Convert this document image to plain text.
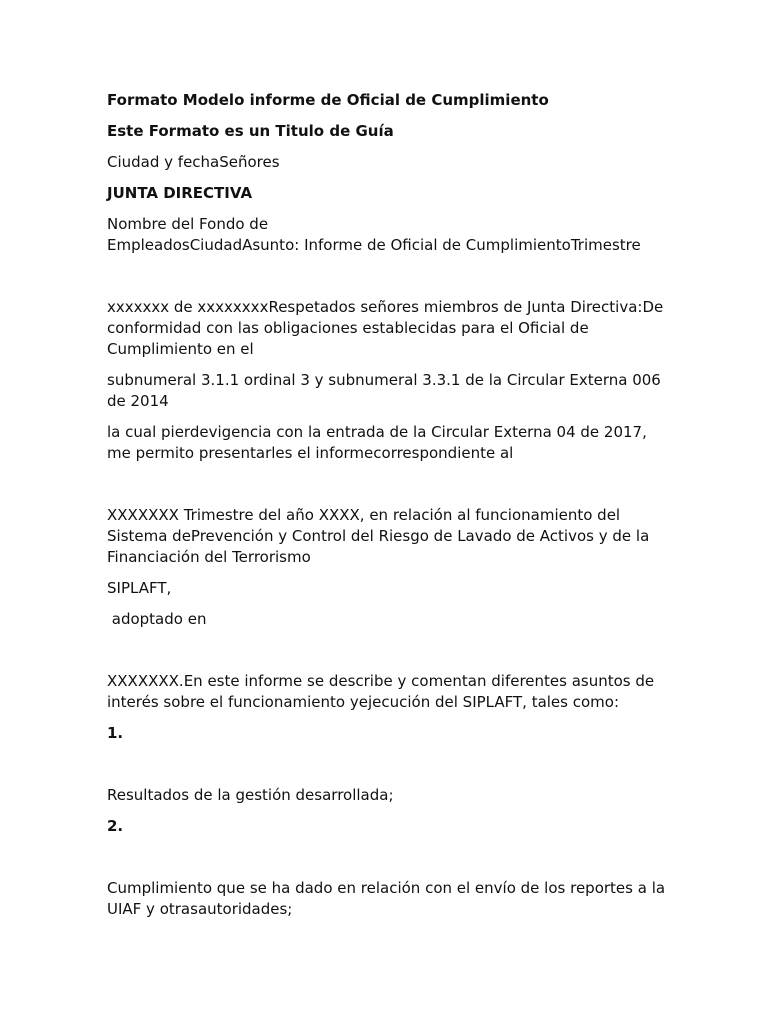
Formato Modelo informe de Oficial de Cumplimiento

Este Formato es un Titulo de Guía

Ciudad y fechaSeñores

JUNTA DIRECTIVA

Nombre del Fondo de
EmpleadosCiudadAsunto: Informe de Oficial de CumplimientoTrimestre

xxxxxxx de xxxxxxxxRespetados señores miembros de Junta Directiva:De conformidad con las obligaciones establecidas para el Oficial de Cumplimiento en el

subnumeral 3.1.1 ordinal 3 y subnumeral 3.3.1 de la Circular Externa 006 de 2014

la cual pierdevigencia con la entrada de la Circular Externa 04 de 2017, me permito presentarles el informecorrespondiente al

XXXXXXX Trimestre del año XXXX, en relación al funcionamiento del Sistema dePrevención y Control del Riesgo de Lavado de Activos y de la Financiación del Terrorismo

SIPLAFT,

adoptado en

XXXXXXX.En este informe se describe y comentan diferentes asuntos de interés sobre el funcionamiento yejecución del SIPLAFT, tales como:

1.

Resultados de la gestión desarrollada;

2.

Cumplimiento que se ha dado en relación con el envío de los reportes a la UIAF y otrasautoridades;
